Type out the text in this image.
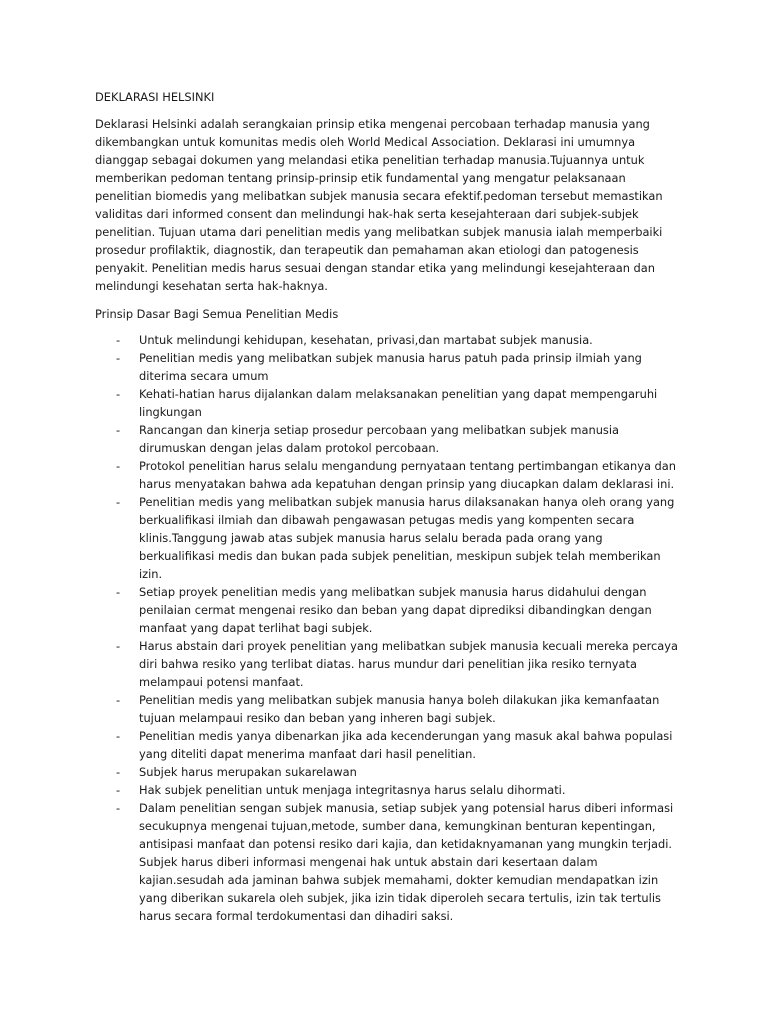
DEKLARASI HELSINKI

Deklarasi Helsinki adalah serangkaian prinsip etika mengenai percobaan terhadap manusia yang dikembangkan untuk komunitas medis oleh World Medical Association. Deklarasi ini umumnya dianggap sebagai dokumen yang melandasi etika penelitian terhadap manusia.Tujuannya untuk memberikan pedoman tentang prinsip-prinsip etik fundamental yang mengatur pelaksanaan penelitian biomedis yang melibatkan subjek manusia secara efektif.pedoman tersebut memastikan validitas dari informed consent dan melindungi hak-hak serta kesejahteraan dari subjek-subjek penelitian. Tujuan utama dari penelitian medis yang melibatkan subjek manusia ialah memperbaiki prosedur profilaktik, diagnostik, dan terapeutik dan pemahaman akan etiologi dan patogenesis penyakit. Penelitian medis harus sesuai dengan standar etika yang melindungi kesejahteraan dan melindungi kesehatan serta hak-haknya.

Prinsip Dasar Bagi Semua Penelitian Medis

-	Untuk melindungi kehidupan, kesehatan, privasi,dan martabat subjek manusia.
-	Penelitian medis yang melibatkan subjek manusia harus patuh pada prinsip ilmiah yang diterima secara umum
-	Kehati-hatian harus dijalankan dalam melaksanakan penelitian yang dapat mempengaruhi lingkungan
-	Rancangan dan kinerja setiap prosedur percobaan yang melibatkan subjek manusia dirumuskan dengan jelas dalam protokol percobaan.
-	Protokol penelitian harus selalu mengandung pernyataan tentang pertimbangan etikanya dan harus menyatakan bahwa ada kepatuhan dengan prinsip yang diucapkan dalam deklarasi ini.
-	Penelitian medis yang melibatkan subjek manusia harus dilaksanakan hanya oleh orang yang berkualifikasi ilmiah dan dibawah pengawasan petugas medis yang kompenten secara klinis.Tanggung jawab atas subjek manusia harus selalu berada pada orang yang berkualifikasi medis dan bukan pada subjek penelitian, meskipun subjek telah memberikan izin.
-	Setiap proyek penelitian medis yang melibatkan subjek manusia harus didahului dengan penilaian cermat mengenai resiko dan beban yang dapat diprediksi dibandingkan dengan manfaat yang dapat terlihat bagi subjek.
-	Harus abstain dari proyek penelitian yang melibatkan subjek manusia kecuali mereka percaya diri bahwa resiko yang terlibat diatas. harus mundur dari penelitian jika resiko ternyata melampaui potensi manfaat.
-	Penelitian medis yang melibatkan subjek manusia hanya boleh dilakukan jika kemanfaatan tujuan melampaui resiko dan beban yang inheren bagi subjek.
-	Penelitian medis yanya dibenarkan jika ada kecenderungan yang masuk akal bahwa populasi yang diteliti dapat menerima manfaat dari hasil penelitian.
-	Subjek harus merupakan sukarelawan
-	Hak subjek penelitian untuk menjaga integritasnya harus selalu dihormati.
-	Dalam penelitian sengan subjek manusia, setiap subjek yang potensial harus diberi informasi secukupnya mengenai tujuan,metode, sumber dana, kemungkinan benturan kepentingan, antisipasi manfaat dan potensi resiko dari kajia, dan ketidaknyamanan yang mungkin terjadi. Subjek harus diberi informasi mengenai hak untuk abstain dari kesertaan dalam kajian.sesudah ada jaminan bahwa subjek memahami, dokter kemudian mendapatkan izin yang diberikan sukarela oleh subjek, jika izin tidak diperoleh secara tertulis, izin tak tertulis harus secara formal terdokumentasi dan dihadiri saksi.
